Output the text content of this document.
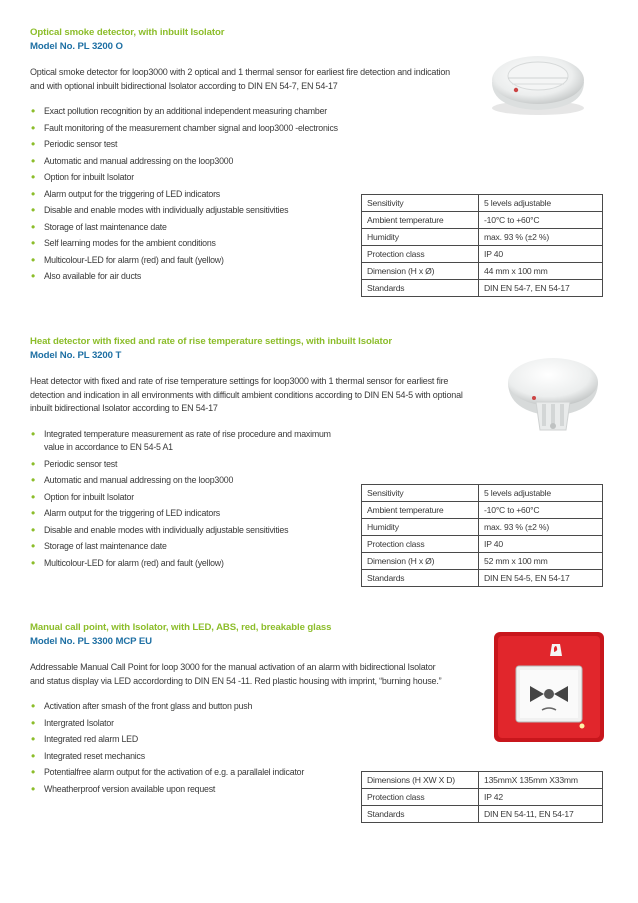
Optical smoke detector, with inbuilt Isolator
Model No. PL 3200 O
Optical smoke detector for loop3000 with 2 optical and 1 thermal sensor for earliest fire detection and indication and with optional inbuilt bidirectional Isolator according to DIN EN 54-7, EN 54-17
• Exact pollution recognition by an additional independent measuring chamber
• Fault monitoring of the measurement chamber signal and loop3000 -electronics
• Periodic sensor test
• Automatic and manual addressing on the loop3000
• Option for inbuilt Isolator
• Alarm output for the triggering of LED indicators
• Disable and enable modes with individually adjustable sensitivities
• Storage of last maintenance date
• Self learning modes for the ambient conditions
• Multicolour-LED for alarm (red) and fault (yellow)
• Also available for air ducts
Sensitivity	5 levels adjustable
Ambient temperature	-10°C to +60°C
Humidity	max. 93 % (±2 %)
Protection class	IP 40
Dimension (H x Ø)	44 mm x 100 mm
Standards	DIN EN 54-7, EN 54-17
Heat detector with fixed and rate of rise temperature settings, with inbuilt Isolator
Model No. PL 3200 T
Heat detector with fixed and rate of rise temperature settings for loop3000 with 1 thermal sensor for earliest fire detection and indication in all environments with difficult ambient conditions according to DIN EN 54-5 with optional inbuilt bidirectional Isolator according to EN 54-17
• Integrated temperature measurement as rate of rise procedure and maximum value in accordance to EN 54-5 A1
• Periodic sensor test
• Automatic and manual addressing on the loop3000
• Option for inbuilt Isolator
• Alarm output for the triggering of LED indicators
• Disable and enable modes with individually adjustable sensitivities
• Storage of last maintenance date
• Multicolour-LED for alarm (red) and fault (yellow)
Sensitivity	5 levels adjustable
Ambient temperature	-10°C to +60°C
Humidity	max. 93 % (±2 %)
Protection class	IP 40
Dimension (H x Ø)	52 mm x 100 mm
Standards	DIN EN 54-5, EN 54-17
Manual call point, with Isolator, with LED, ABS, red, breakable glass
Model No. PL 3300 MCP EU
Addressable Manual Call Point for loop 3000 for the manual activation of an alarm with bidirectional Isolator and status display via LED accordording to DIN EN 54 -11. Red plastic housing with imprint, “burning house.”
• Activation after smash of the front glass and button push
• Intergrated Isolator
• Integrated red alarm LED
• Integrated reset mechanics
• Potentialfree alarm output for the activation of e.g. a parallalel indicator
• Wheatherproof version available upon request
Dimensions (H XW X D)	135mmX 135mm X33mm
Protection class	IP 42
Standards	DIN EN 54-11, EN 54-17
